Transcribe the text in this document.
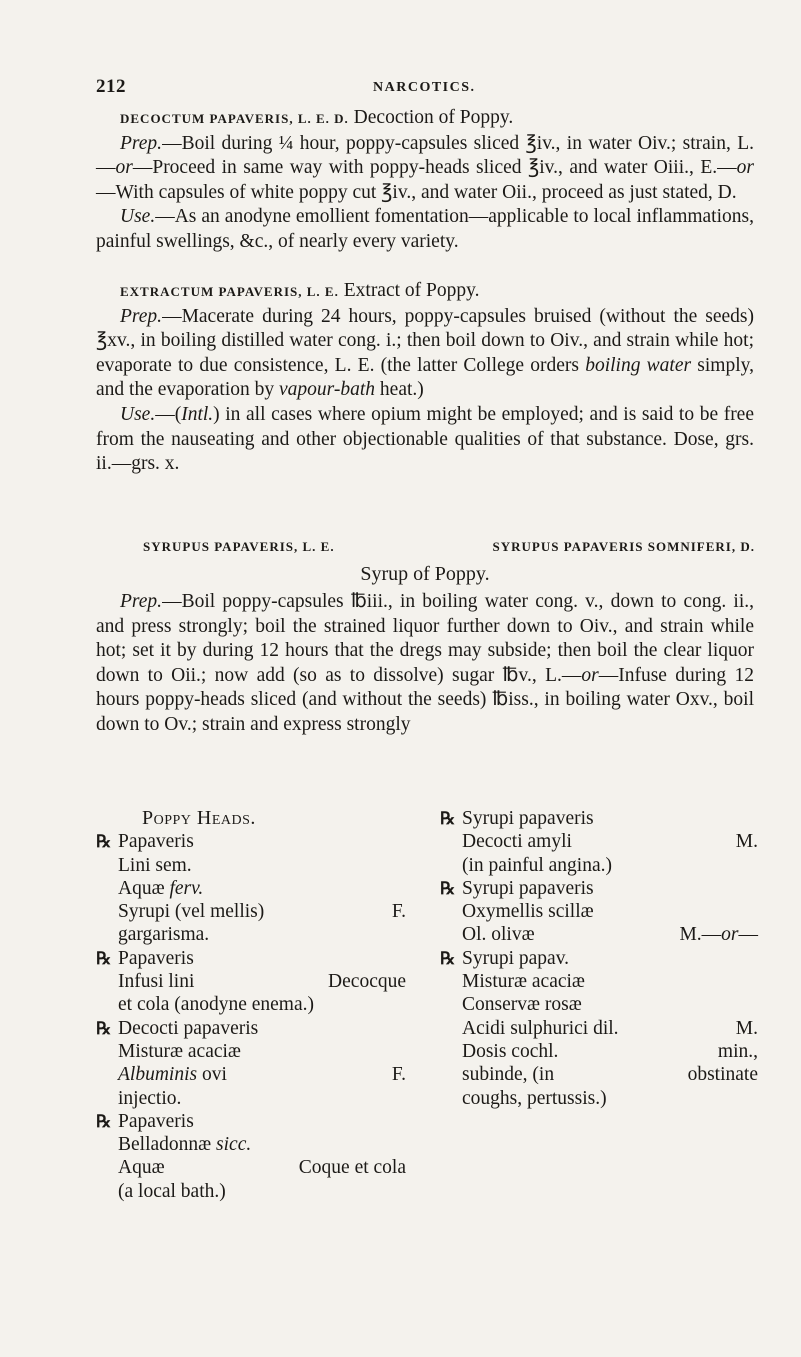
212	NARCOTICS.

DECOCTUM PAPAVERIS, L. E. D. Decoction of Poppy.

Prep.—Boil during ¼ hour, poppy-capsules sliced ℥iv., in water Oiv.; strain, L.—or—Proceed in same way with poppy-heads sliced ℥iv., and water Oiii., E.—or—With capsules of white poppy cut ℥iv., and water Oii., proceed as just stated, D.

Use.—As an anodyne emollient fomentation—applicable to local inflammations, painful swellings, &c., of nearly every variety.

EXTRACTUM PAPAVERIS, L. E. Extract of Poppy.

Prep.—Macerate during 24 hours, poppy-capsules bruised (without the seeds) ℥xv., in boiling distilled water cong. i.; then boil down to Oiv., and strain while hot; evaporate to due consistence, L. E. (the latter College orders boiling water simply, and the evaporation by vapour-bath heat.)

Use.—(Intl.) in all cases where opium might be employed; and is said to be free from the nauseating and other objectionable qualities of that substance. Dose, grs. ii.—grs. x.

SYRUPUS PAPAVERIS, L. E.	SYRUPUS PAPAVERIS SOMNIFERI, D.
Syrup of Poppy.

Prep.—Boil poppy-capsules ℔iii., in boiling water cong. v., down to cong. ii., and press strongly; boil the strained liquor further down to Oiv., and strain while hot; set it by during 12 hours that the dregs may subside; then boil the clear liquor down to Oii.; now add (so as to dissolve) sugar ℔v., L.—or—Infuse during 12 hours poppy-heads sliced (and without the seeds) ℔iss., in boiling water Oxv., boil down to Ov.; strain and express strongly

Poppy Heads.
℞ Papaveris
Lini sem.
Aquæ ferv.
Syrupi (vel mellis)	F.
gargarisma.
℞ Papaveris
Infusi lini	Decocque
et cola (anodyne enema.)
℞ Decocti papaveris
Misturæ acaciæ
Albuminis ovi	F.
injectio.
℞ Papaveris
Belladonnæ sicc.
Aquæ	Coque et cola
(a local bath.)
℞ Syrupi papaveris
Decocti amyli	M.
(in painful angina.)
℞ Syrupi papaveris
Oxymellis scillæ
Ol. olivæ	M.—or—
℞ Syrupi papav.
Misturæ acaciæ
Conservæ rosæ
Acidi sulphurici dil.	M.
Dosis cochl.	min.,
subinde, (in	obstinate
coughs, pertussis.)
